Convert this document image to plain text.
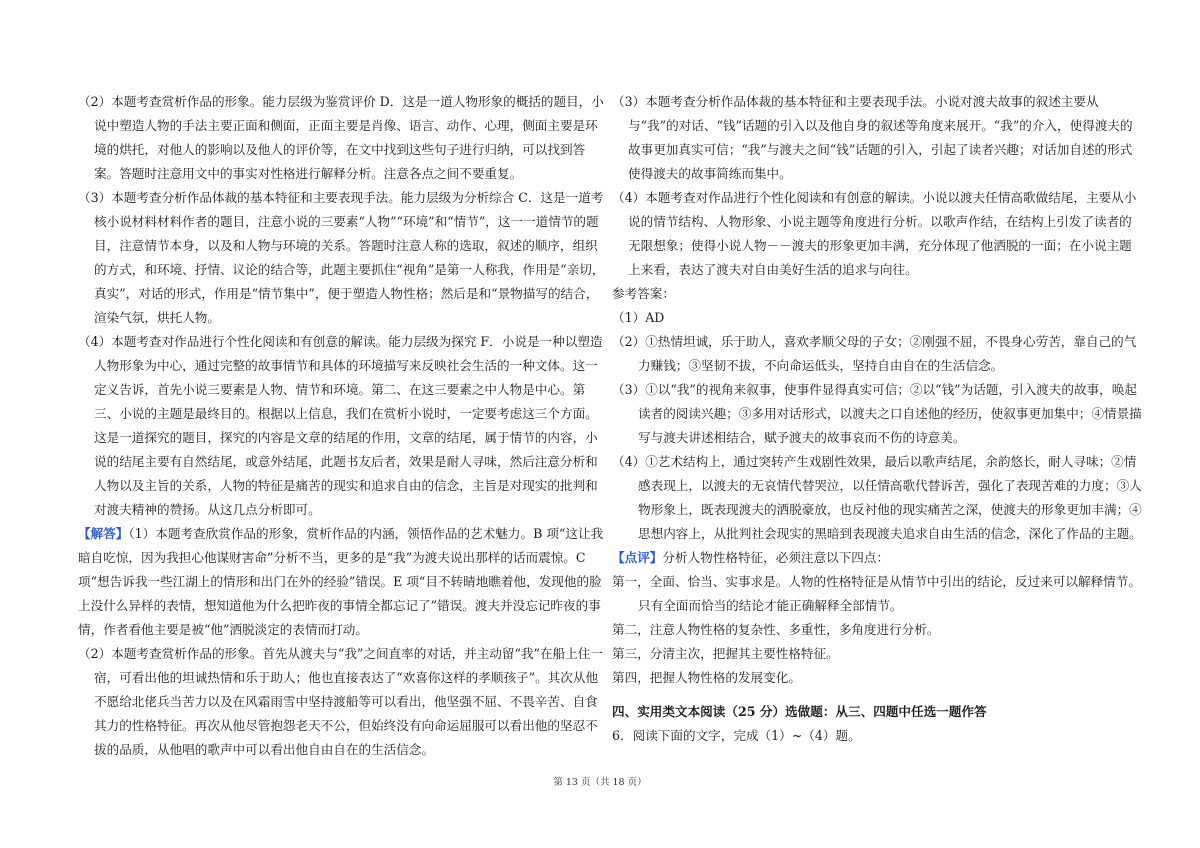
（2）本题考查赏析作品的形象。能力层级为鉴赏评价 D．这是一道人物形象的概括的题目，小说中塑造人物的手法主要正面和侧面，正面主要是肖像、语言、动作、心理，侧面主要是环境的烘托，对他人的影响以及他人的评价等，在文中找到这些句子进行归纳，可以找到答案。答题时注意用文中的事实对性格进行解释分析。注意各点之间不要重复。

（3）本题考查分析作品体裁的基本特征和主要表现手法。能力层级为分析综合 C．这是一道考核小说材料材料作者的题目，注意小说的三要素“人物”“环境”和“情节”，这一一道情节的题目，注意情节本身，以及和人物与环境的关系。答题时注意人称的选取，叙述的顺序，组织的方式，和环境、抒情、议论的结合等，此题主要抓住“视角”是第一人称我，作用是“亲切，真实”，对话的形式，作用是“情节集中”，便于塑造人物性格；然后是和“景物描写的结合，渲染气氛，烘托人物。

（4）本题考查对作品进行个性化阅读和有创意的解读。能力层级为探究 F．小说是一种以塑造人物形象为中心，通过完整的故事情节和具体的环境描写来反映社会生活的一种文体。这一定义告诉，首先小说三要素是人物、情节和环境。第二、在这三要素之中人物是中心。第三、小说的主题是最终目的。根据以上信息，我们在赏析小说时，一定要考虑这三个方面。这是一道探究的题目，探究的内容是文章的结尾的作用，文章的结尾，属于情节的内容，小说的结尾主要有自然结尾，或意外结尾，此题书友后者，效果是耐人寻味，然后注意分析和人物以及主旨的关系，人物的特征是痛苦的现实和追求自由的信念，主旨是对现实的批判和对渡夫精神的赞扬。从这几点分析即可。

【解答】（1）本题考查欣赏作品的形象，赏析作品的内涵，领悟作品的艺术魅力。B 项“这让我暗自吃惊，因为我担心他谋财害命”分析不当，更多的是“我”为渡夫说出那样的话而震惊。C 项“想告诉我一些江湖上的情形和出门在外的经验”错误。E 项“目不转睛地瞧着他，发现他的脸上没什么异样的表情，想知道他为什么把昨夜的事情全都忘记了”错误。渡夫并没忘记昨夜的事情，作者看他主要是被“他”洒脱淡定的表情而打动。

（2）本题考查赏析作品的形象。首先从渡夫与“我”之间直率的对话，并主动留“我”在船上住一宿，可看出他的坦诚热情和乐于助人；他也直接表达了“欢喜你这样的孝顺孩子”。其次从他不愿给北佬兵当苦力以及在风霜雨雪中坚持渡船等可以看出，他坚强不屈、不畏辛苦、自食其力的性格特征。再次从他尽管抱怨老天不公，但始终没有向命运屈服可以看出他的坚忍不拔的品质，从他唱的歌声中可以看出他自由自在的生活信念。

（3）本题考查分析作品体裁的基本特征和主要表现手法。小说对渡夫故事的叙述主要从与“我”的对话、“钱”话题的引入以及他自身的叙述等角度来展开。“我”的介入，使得渡夫的故事更加真实可信；“我”与渡夫之间“钱”话题的引入，引起了读者兴趣；对话加自述的形式使得渡夫的故事简练而集中。

（4）本题考查对作品进行个性化阅读和有创意的解读。小说以渡夫任情高歌做结尾，主要从小说的情节结构、人物形象、小说主题等角度进行分析。以歌声作结，在结构上引发了读者的无限想象；使得小说人物－－渡夫的形象更加丰满，充分体现了他洒脱的一面；在小说主题上来看，表达了渡夫对自由美好生活的追求与向往。

参考答案：

（1）AD

（2）①热情坦诚，乐于助人，喜欢孝顺父母的子女；②刚强不屈，不畏身心劳苦，靠自己的气力赚钱；③坚韧不拔，不向命运低头，坚持自由自在的生活信念。

（3）①以“我”的视角来叙事，使事件显得真实可信；②以“钱”为话题，引入渡夫的故事，唤起读者的阅读兴趣；③多用对话形式，以渡夫之口自述他的经历，使叙事更加集中；④情景描写与渡夫讲述相结合，赋予渡夫的故事哀而不伤的诗意美。

（4）①艺术结构上，通过突转产生戏剧性效果，最后以歌声结尾，余韵悠长，耐人寻味；②情感表现上，以渡夫的无哀情代替哭泣，以任情高歌代替诉苦，强化了表现苦难的力度；③人物形象上，既表现渡夫的洒脱豪放，也反衬他的现实痛苦之深，使渡夫的形象更加丰满；④思想内容上，从批判社会现实的黑暗到表现渡夫追求自由生活的信念，深化了作品的主题。

【点评】分析人物性格特征，必须注意以下四点：

第一，全面、恰当、实事求是。人物的性格特征是从情节中引出的结论，反过来可以解释情节。只有全面而恰当的结论才能正确解释全部情节。

第二，注意人物性格的复杂性、多重性，多角度进行分析。

第三，分清主次，把握其主要性格特征。

第四，把握人物性格的发展变化。

四、实用类文本阅读（25 分）选做题：从三、四题中任选一题作答

6．阅读下面的文字，完成（1）~（4）题。

第 13 页（共 18 页）
